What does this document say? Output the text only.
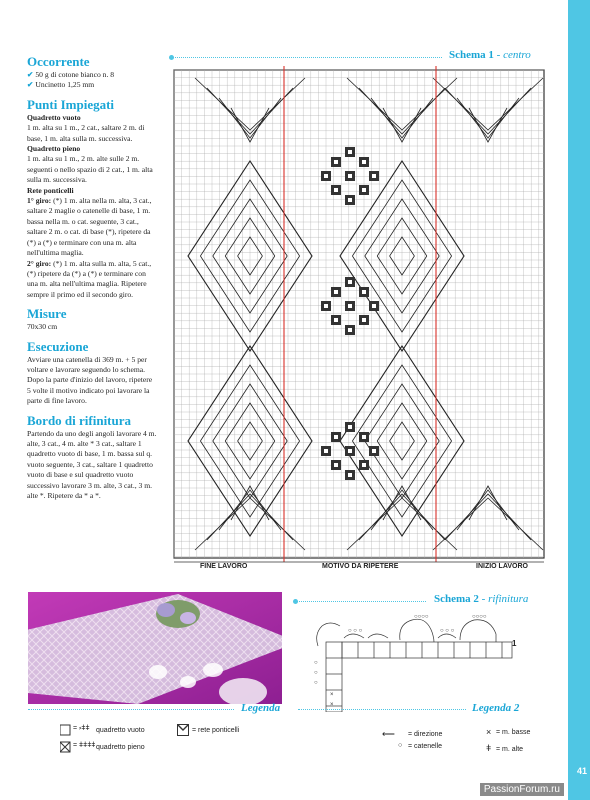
41
Occorrente

✔ 50 g di cotone bianco n. 8

✔ Uncinetto 1,25 mm

Punti Impiegati

Quadretto vuoto

1 m. alta su 1 m., 2 cat., saltare 2 m. di base, 1 m. alta sulla m. successiva.

Quadretto pieno

1 m. alta su 1 m., 2 m. alte sulle 2 m. seguenti o nello spazio di 2 cat., 1 m. alta sulla m. successiva.

Rete ponticelli

1° giro: (*) 1 m. alta nella m. alta, 3 cat., saltare 2 maglie o catenelle di base, 1 m. bassa nella m. o cat. seguente, 3 cat., saltare 2 m. o cat. di base (*), ripetere da (*) a (*) e terminare con una m. alta nell'ultima maglia.

2° giro: (*) 1 m. alta sulla m. alta, 5 cat., (*) ripetere da (*) a (*) e terminare con una m. alta nell'ultima maglia. Ripetere sempre il primo ed il secondo giro.

Misure

70x30 cm

Esecuzione

Avviare una catenella di 369 m. + 5 per voltare e lavorare seguendo lo schema. Dopo la parte d'inizio del lavoro, ripetere 5 volte il motivo indicato poi lavorare la parte di fine lavoro.

Bordo di rifinitura

Partendo da uno degli angoli lavorare 4 m. alte, 3 cat., 4 m. alte * 3 cat., saltare 1 quadretto vuoto di base, 1 m. bassa sul q. vuoto seguente, 3 cat., saltare 1 quadretto vuoto di base e sul quadretto vuoto successivo lavorare 3 m. alte, 3 cat., 3 m. alte *. Ripetere da * a *.

Schema 1 - centro
FINE LAVORO	MOTIVO DA RIPETERE	INIZIO LAVORO
Schema 2 - rifinitura
○○○○	○○○○
○ ○ ○	○ ○ ○
○
○
○
×
×
1
Legenda
= ⸗ǂǂ
= ǂǂǂǂ
quadretto vuoto
quadretto pieno
= rete ponticelli
Legenda 2
⟵ = direzione
○ = catenelle
× = m. basse
ǂ = m. alte
PassionForum.ru
